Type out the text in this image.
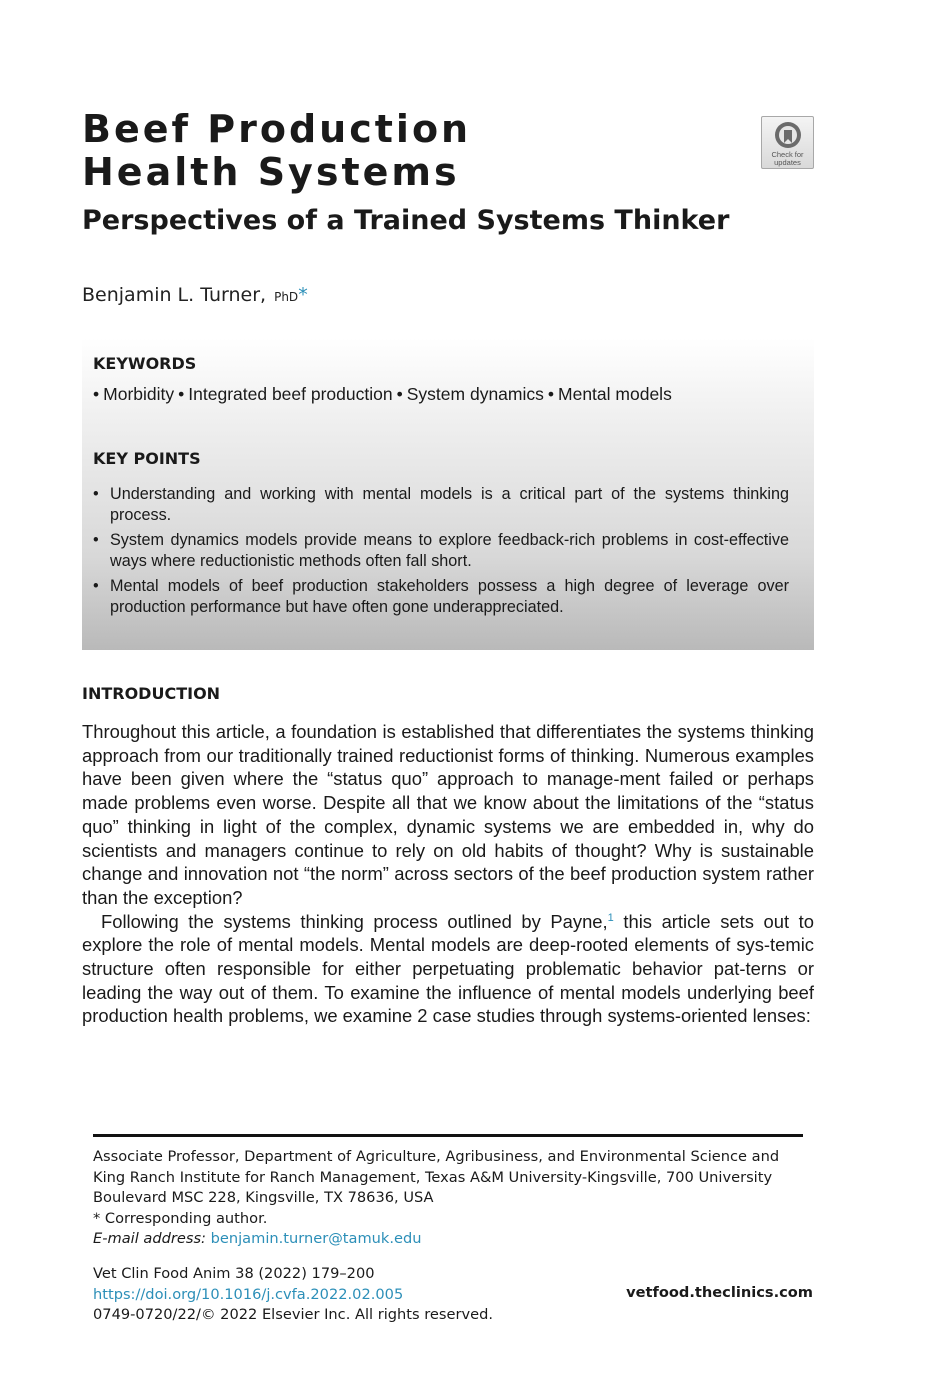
Beef Production Health Systems
Perspectives of a Trained Systems Thinker
Check for updates
Benjamin L. Turner, PhD*
KEYWORDS
• Morbidity • Integrated beef production • System dynamics • Mental models
KEY POINTS
• Understanding and working with mental models is a critical part of the systems thinking process.
• System dynamics models provide means to explore feedback-rich problems in cost-effective ways where reductionistic methods often fall short.
• Mental models of beef production stakeholders possess a high degree of leverage over production performance but have often gone underappreciated.
INTRODUCTION

Throughout this article, a foundation is established that differentiates the systems thinking approach from our traditionally trained reductionist forms of thinking. Numerous examples have been given where the “status quo” approach to manage-ment failed or perhaps made problems even worse. Despite all that we know about the limitations of the “status quo” thinking in light of the complex, dynamic systems we are embedded in, why do scientists and managers continue to rely on old habits of thought? Why is sustainable change and innovation not “the norm” across sectors of the beef production system rather than the exception?

Following the systems thinking process outlined by Payne,$^1$ this article sets out to explore the role of mental models. Mental models are deep-rooted elements of sys-temic structure often responsible for either perpetuating problematic behavior pat-terns or leading the way out of them. To examine the influence of mental models underlying beef production health problems, we examine 2 case studies through systems-oriented lenses:

Associate Professor, Department of Agriculture, Agribusiness, and Environmental Science and King Ranch Institute for Ranch Management, Texas A&M University-Kingsville, 700 University Boulevard MSC 228, Kingsville, TX 78636, USA
* Corresponding author.
E-mail address: benjamin.turner@tamuk.edu
Vet Clin Food Anim 38 (2022) 179–200
https://doi.org/10.1016/j.cvfa.2022.02.005
0749-0720/22/© 2022 Elsevier Inc. All rights reserved.
vetfood.theclinics.com
